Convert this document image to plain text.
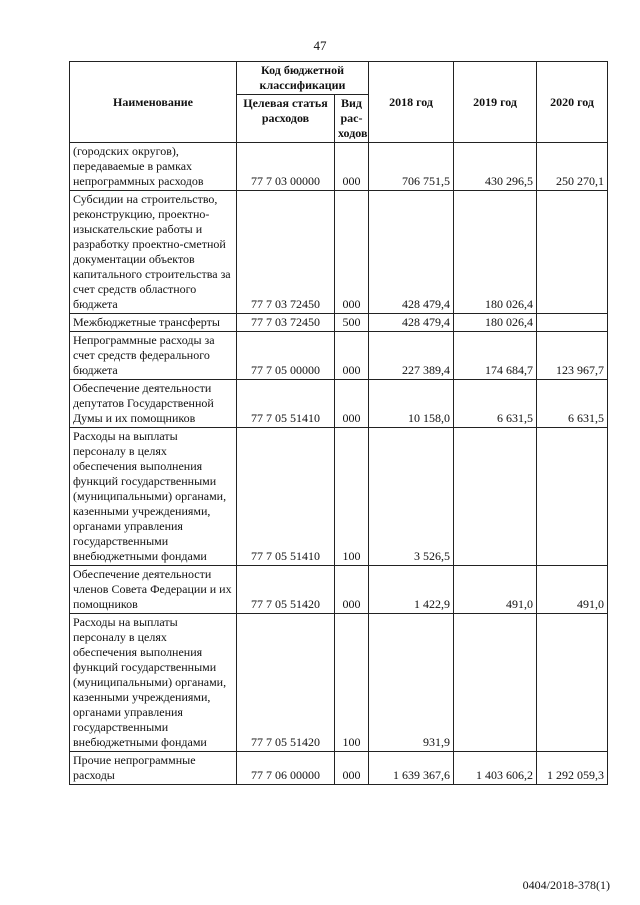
47
Наименование	Код бюджетной классификации		2018 год	2019 год	2020 год
	Целевая статья расходов	Вид рас-ходов			
(городских округов), передаваемые в рамках непрограммных расходов	77 7 03 00000	000	706 751,5	430 296,5	250 270,1
Субсидии на строительство, реконструкцию, проектно-изыскательские работы и разработку проектно-сметной документации объектов капитального строительства за счет средств областного бюджета	77 7 03 72450	000	428 479,4	180 026,4	
Межбюджетные трансферты	77 7 03 72450	500	428 479,4	180 026,4	
Непрограммные расходы за счет средств федерального бюджета	77 7 05 00000	000	227 389,4	174 684,7	123 967,7
Обеспечение деятельности депутатов Государственной Думы и их помощников	77 7 05 51410	000	10 158,0	6 631,5	6 631,5
Расходы на выплаты персоналу в целях обеспечения выполнения функций государственными (муниципальными) органами, казенными учреждениями, органами управления государственными внебюджетными фондами	77 7 05 51410	100	3 526,5		
Обеспечение деятельности членов Совета Федерации и их помощников	77 7 05 51420	000	1 422,9	491,0	491,0
Расходы на выплаты персоналу в целях обеспечения выполнения функций государственными (муниципальными) органами, казенными учреждениями, органами управления государственными внебюджетными фондами	77 7 05 51420	100	931,9		
Прочие непрограммные расходы	77 7 06 00000	000	1 639 367,6	1 403 606,2	1 292 059,3
0404/2018-378(1)
